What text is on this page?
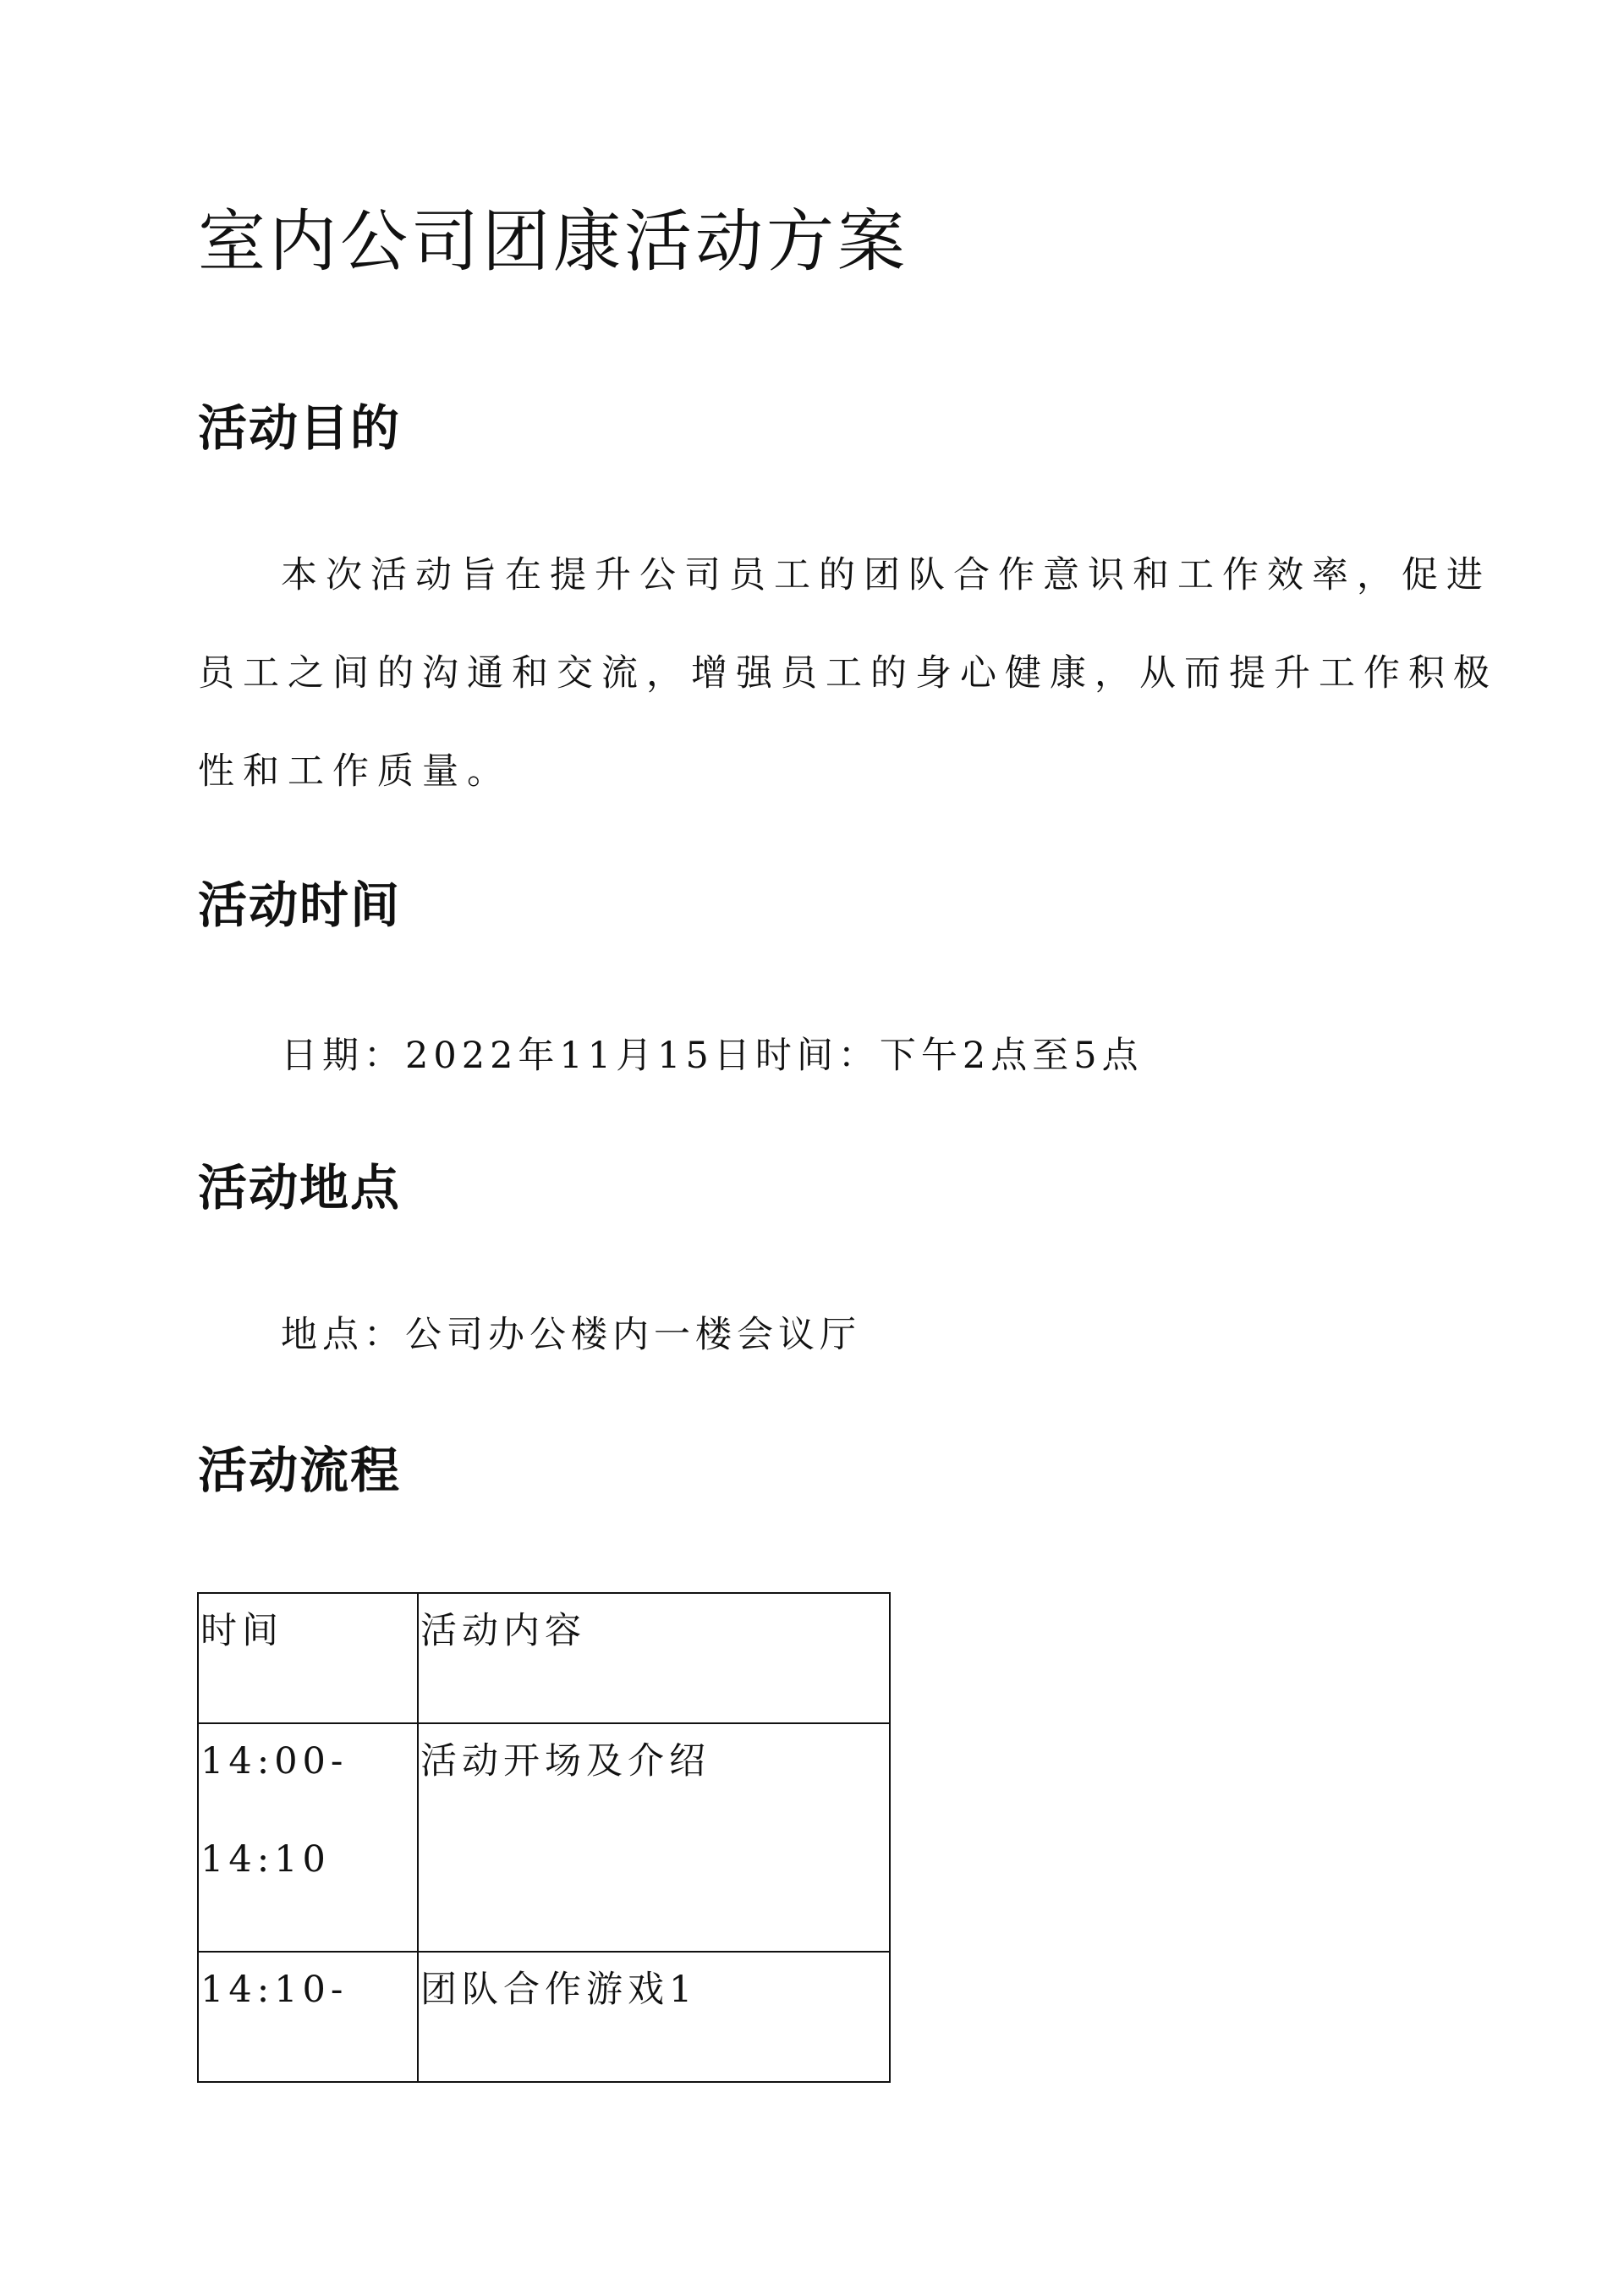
室内公司团康活动方案
活动目的

本次活动旨在提升公司员工的团队合作意识和工作效率，促进
员工之间的沟通和交流，增强员工的身心健康，从而提升工作积极
性和工作质量。

活动时间

日期：2022年11月15日时间：下午2点至5点

活动地点

地点：公司办公楼内一楼会议厅

活动流程
时间	活动内容

14:00-
14:10	活动开场及介绍

14:10-	团队合作游戏1
